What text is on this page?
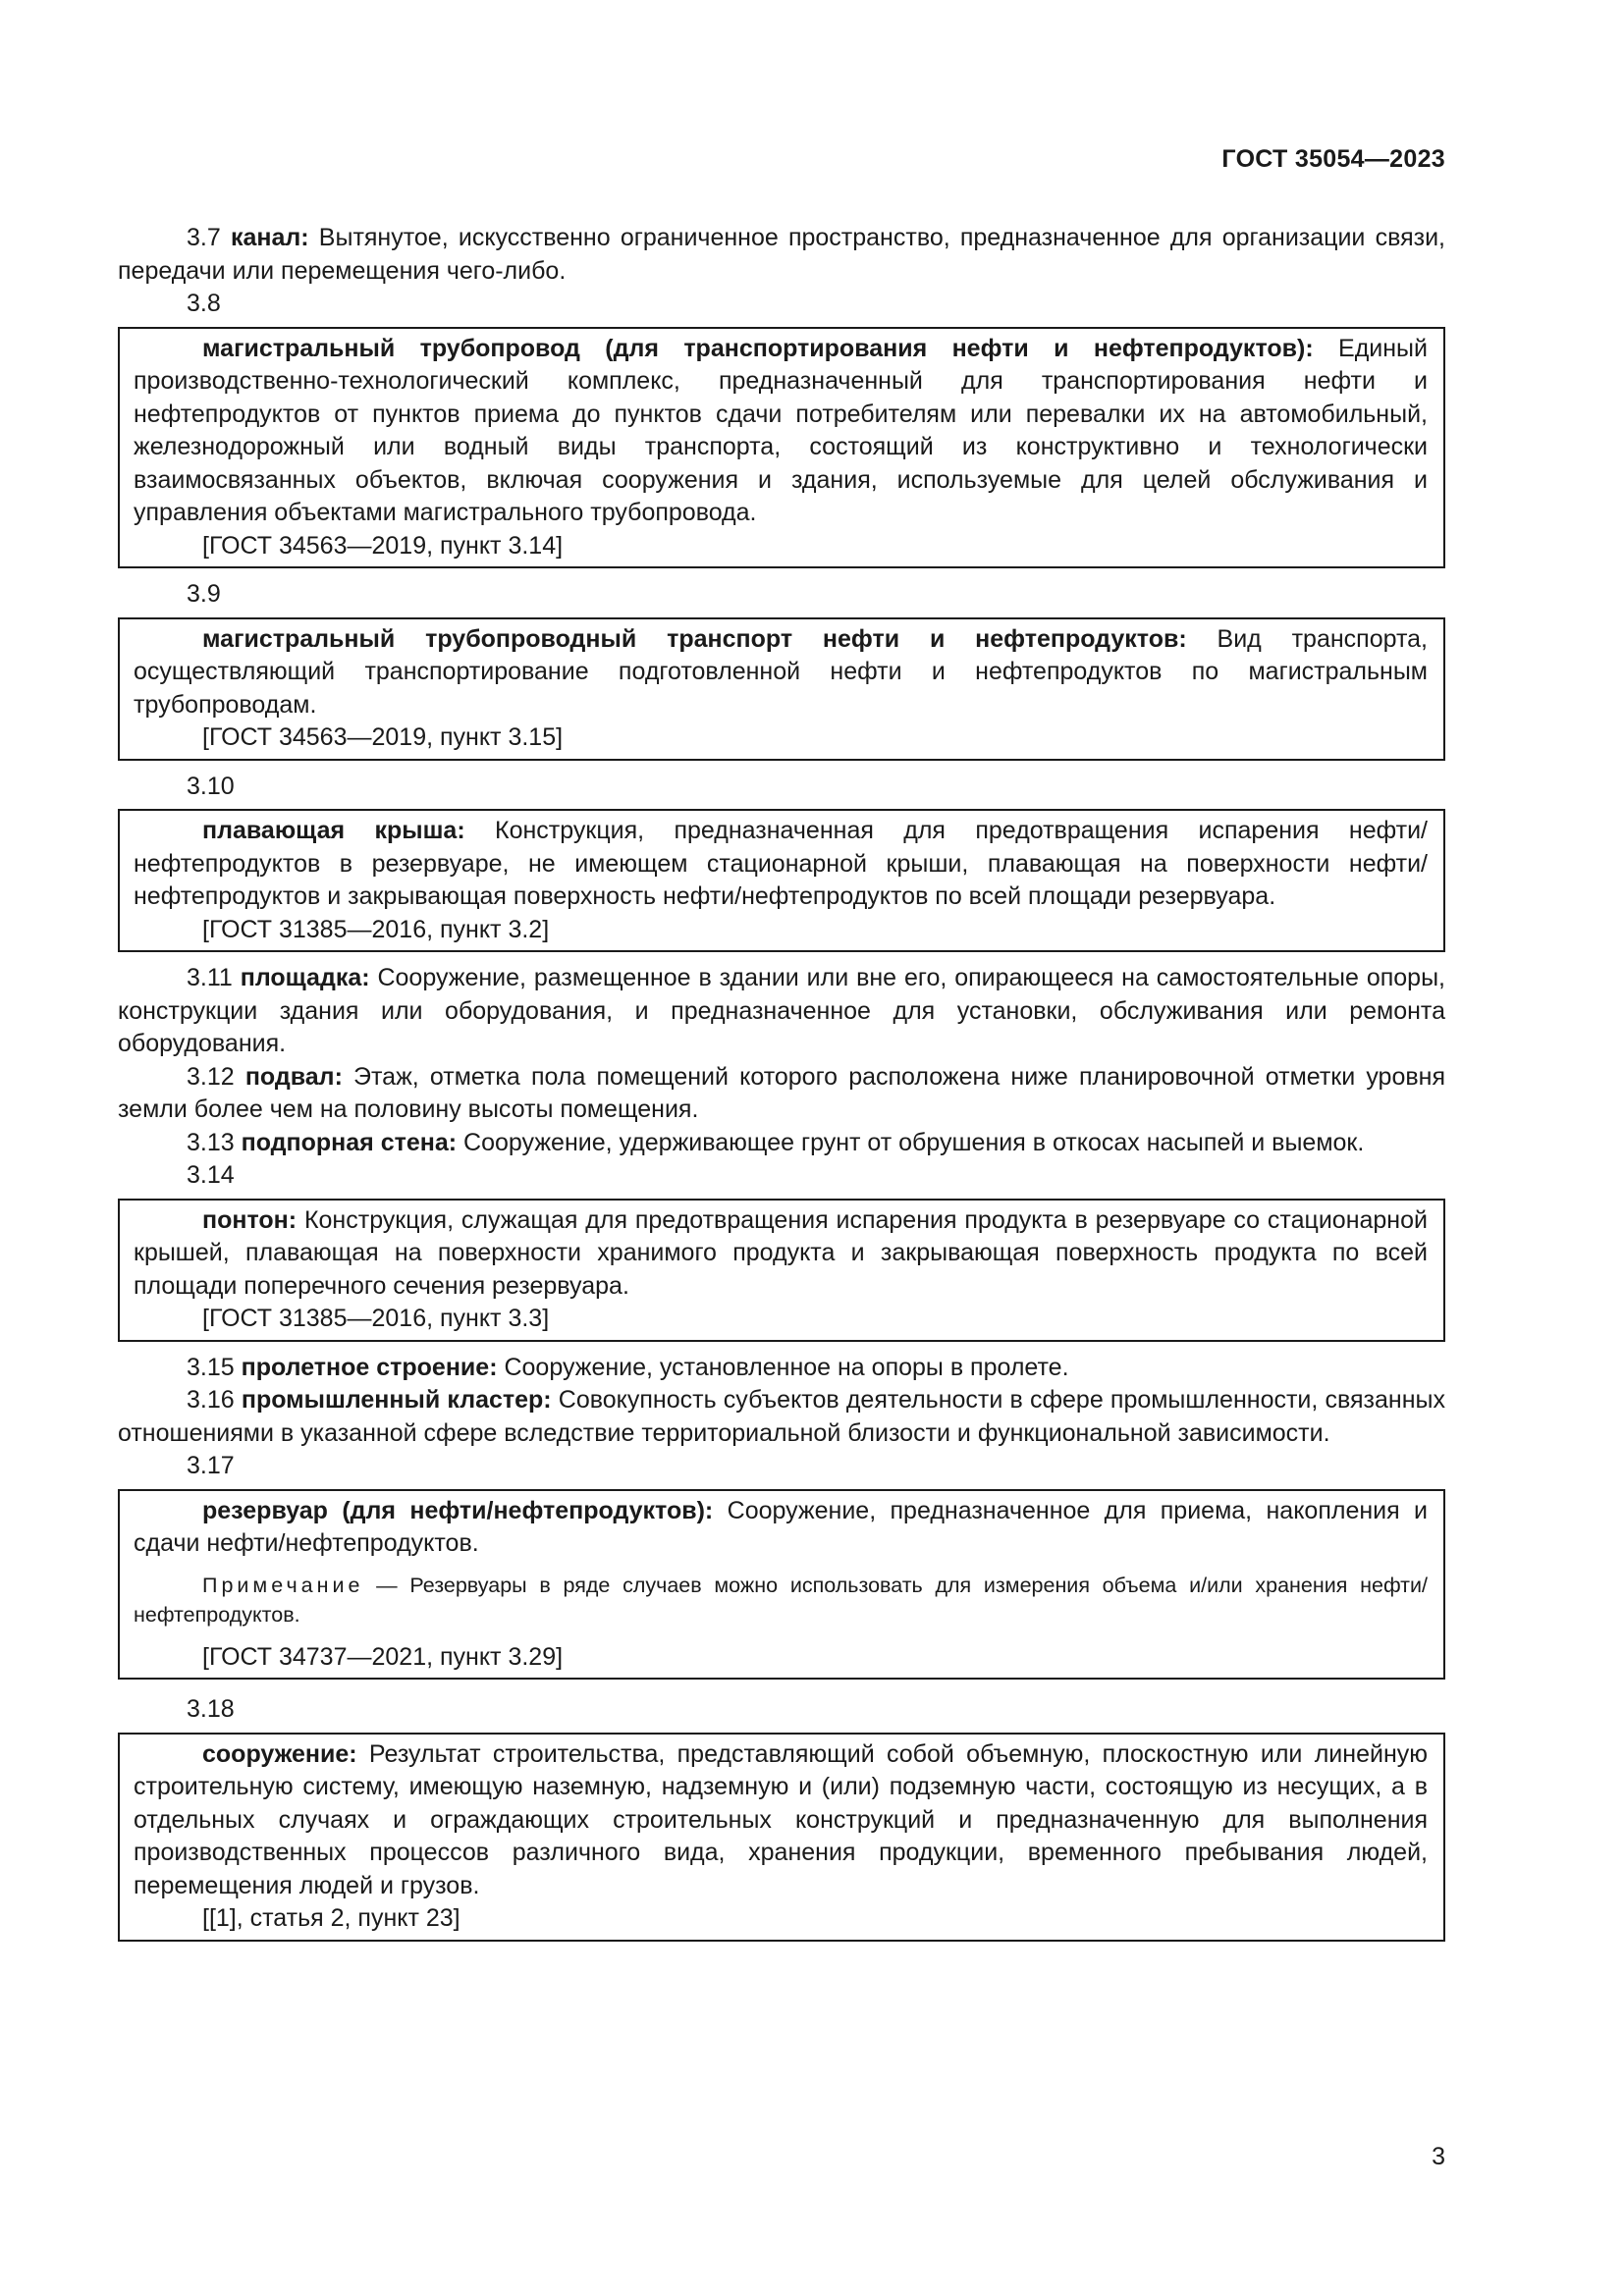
ГОСТ 35054—2023

3.7 канал: Вытянутое, искусственно ограниченное пространство, предназначенное для организации связи, передачи или перемещения чего-либо.

3.8

магистральный трубопровод (для транспортирования нефти и нефтепродуктов): Единый производственно-технологический комплекс, предназначенный для транспортирования нефти и нефтепродуктов от пунктов приема до пунктов сдачи потребителям или перевалки их на автомобильный, железнодорожный или водный виды транспорта, состоящий из конструктивно и технологически взаимосвязанных объектов, включая сооружения и здания, используемые для целей обслуживания и управления объектами магистрального трубопровода.

[ГОСТ 34563—2019, пункт 3.14]

3.9

магистральный трубопроводный транспорт нефти и нефтепродуктов: Вид транспорта, осуществляющий транспортирование подготовленной нефти и нефтепродуктов по магистральным трубопроводам.

[ГОСТ 34563—2019, пункт 3.15]

3.10

плавающая крыша: Конструкция, предназначенная для предотвращения испарения нефти/нефтепродуктов в резервуаре, не имеющем стационарной крыши, плавающая на поверхности нефти/нефтепродуктов и закрывающая поверхность нефти/нефтепродуктов по всей площади резервуара.

[ГОСТ 31385—2016, пункт 3.2]

3.11 площадка: Сооружение, размещенное в здании или вне его, опирающееся на самостоятельные опоры, конструкции здания или оборудования, и предназначенное для установки, обслуживания или ремонта оборудования.

3.12 подвал: Этаж, отметка пола помещений которого расположена ниже планировочной отметки уровня земли более чем на половину высоты помещения.

3.13 подпорная стена: Сооружение, удерживающее грунт от обрушения в откосах насыпей и выемок.

3.14

понтон: Конструкция, служащая для предотвращения испарения продукта в резервуаре со стационарной крышей, плавающая на поверхности хранимого продукта и закрывающая поверхность продукта по всей площади поперечного сечения резервуара.

[ГОСТ 31385—2016, пункт 3.3]

3.15 пролетное строение: Сооружение, установленное на опоры в пролете.

3.16 промышленный кластер: Совокупность субъектов деятельности в сфере промышленности, связанных отношениями в указанной сфере вследствие территориальной близости и функциональной зависимости.

3.17

резервуар (для нефти/нефтепродуктов): Сооружение, предназначенное для приема, накопления и сдачи нефти/нефтепродуктов.

Примечание — Резервуары в ряде случаев можно использовать для измерения объема и/или хранения нефти/нефтепродуктов.

[ГОСТ 34737—2021, пункт 3.29]

3.18

сооружение: Результат строительства, представляющий собой объемную, плоскостную или линейную строительную систему, имеющую наземную, надземную и (или) подземную части, состоящую из несущих, а в отдельных случаях и ограждающих строительных конструкций и предназначенную для выполнения производственных процессов различного вида, хранения продукции, временного пребывания людей, перемещения людей и грузов.

[[1], статья 2, пункт 23]

3
